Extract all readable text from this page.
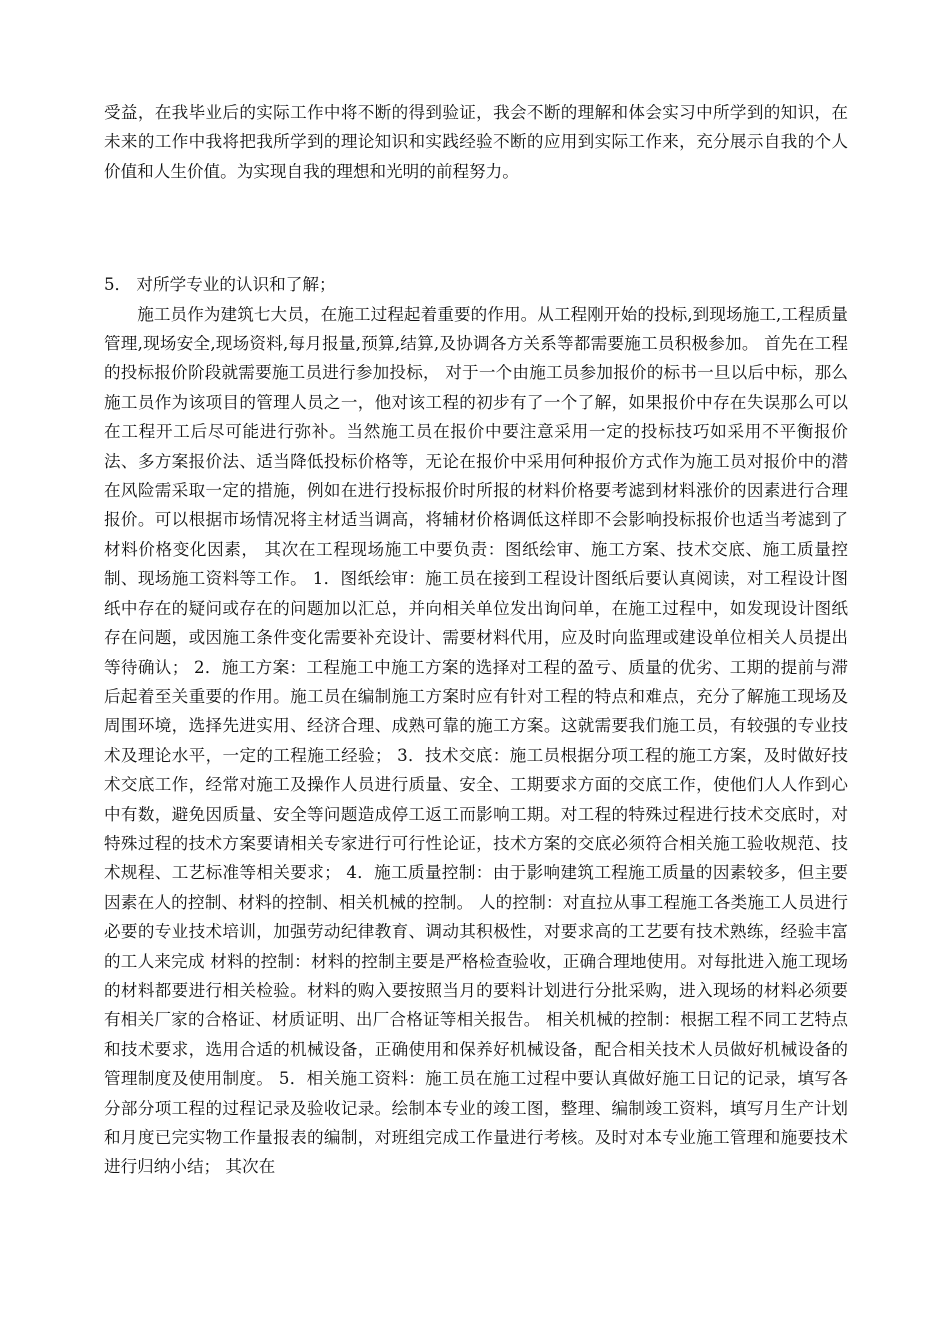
受益，在我毕业后的实际工作中将不断的得到验证，我会不断的理解和体会实习中所学到的知识，在未来的工作中我将把我所学到的理论知识和实践经验不断的应用到实际工作来，充分展示自我的个人价值和人生价值。为实现自我的理想和光明的前程努力。

5． 对所学专业的认识和了解；

施工员作为建筑七大员，在施工过程起着重要的作用。从工程刚开始的投标,到现场施工,工程质量管理,现场安全,现场资料,每月报量,预算,结算,及协调各方关系等都需要施工员积极参加。 首先在工程的投标报价阶段就需要施工员进行参加投标， 对于一个由施工员参加报价的标书一旦以后中标，那么施工员作为该项目的管理人员之一，他对该工程的初步有了一个了解，如果报价中存在失误那么可以在工程开工后尽可能进行弥补。当然施工员在报价中要注意采用一定的投标技巧如采用不平衡报价法、多方案报价法、适当降低投标价格等，无论在报价中采用何种报价方式作为施工员对报价中的潜在风险需采取一定的措施，例如在进行投标报价时所报的材料价格要考滤到材料涨价的因素进行合理报价。可以根据市场情况将主材适当调高，将辅材价格调低这样即不会影响投标报价也适当考滤到了材料价格变化因素， 其次在工程现场施工中要负责：图纸绘审、施工方案、技术交底、施工质量控制、现场施工资料等工作。 1．图纸绘审：施工员在接到工程设计图纸后要认真阅读，对工程设计图纸中存在的疑问或存在的问题加以汇总，并向相关单位发出询问单，在施工过程中，如发现设计图纸存在问题，或因施工条件变化需要补充设计、需要材料代用，应及时向监理或建设单位相关人员提出等待确认； 2．施工方案：工程施工中施工方案的选择对工程的盈亏、质量的优劣、工期的提前与滞后起着至关重要的作用。施工员在编制施工方案时应有针对工程的特点和难点，充分了解施工现场及周围环境，选择先进实用、经济合理、成熟可靠的施工方案。这就需要我们施工员，有较强的专业技术及理论水平，一定的工程施工经验； 3．技术交底：施工员根据分项工程的施工方案，及时做好技术交底工作，经常对施工及操作人员进行质量、安全、工期要求方面的交底工作，使他们人人作到心中有数，避免因质量、安全等问题造成停工返工而影响工期。对工程的特殊过程进行技术交底时，对特殊过程的技术方案要请相关专家进行可行性论证，技术方案的交底必须符合相关施工验收规范、技术规程、工艺标准等相关要求； 4．施工质量控制：由于影响建筑工程施工质量的因素较多，但主要因素在人的控制、材料的控制、相关机械的控制。 人的控制：对直拉从事工程施工各类施工人员进行必要的专业技术培训，加强劳动纪律教育、调动其积极性，对要求高的工艺要有技术熟练，经验丰富的工人来完成 材料的控制：材料的控制主要是严格检查验收，正确合理地使用。对每批进入施工现场的材料都要进行相关检验。材料的购入要按照当月的要料计划进行分批采购，进入现场的材料必须要有相关厂家的合格证、材质证明、出厂合格证等相关报告。 相关机械的控制：根据工程不同工艺特点和技术要求，选用合适的机械设备，正确使用和保养好机械设备，配合相关技术人员做好机械设备的管理制度及使用制度。 5．相关施工资料：施工员在施工过程中要认真做好施工日记的记录，填写各分部分项工程的过程记录及验收记录。绘制本专业的竣工图，整理、编制竣工资料，填写月生产计划和月度已完实物工作量报表的编制，对班组完成工作量进行考核。及时对本专业施工管理和施要技术进行归纳小结； 其次在
